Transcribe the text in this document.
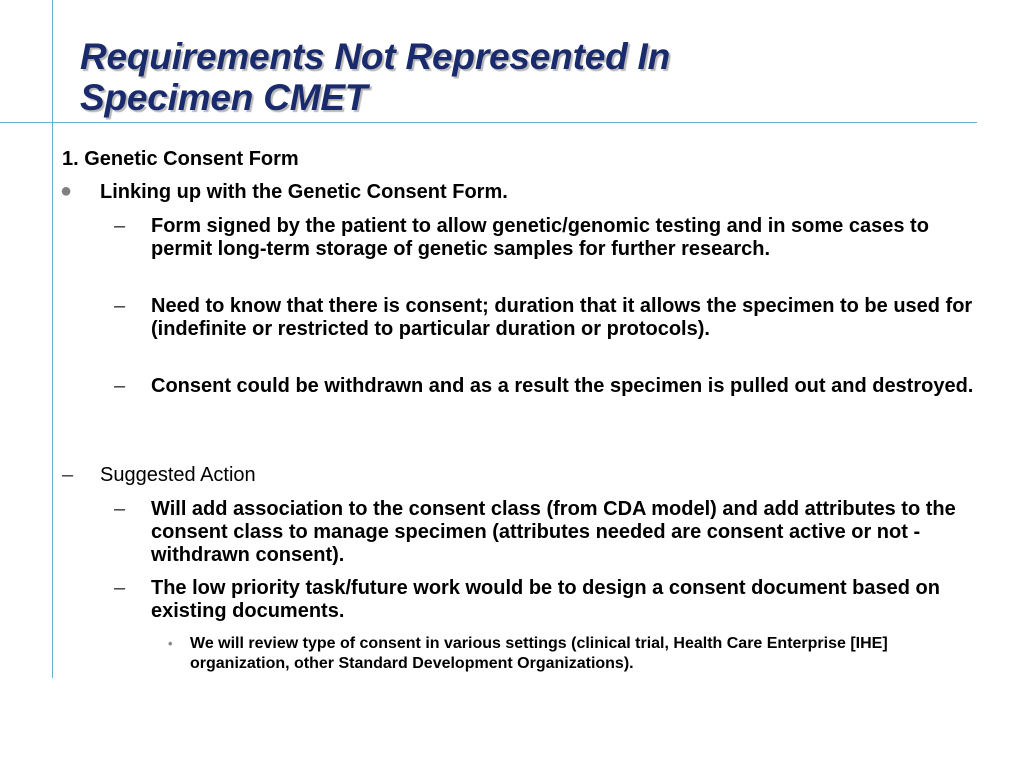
Requirements Not Represented In
Specimen CMET
1. Genetic Consent Form
● Linking up with the Genetic Consent Form.
– Form signed by the patient to allow genetic/genomic testing and in some cases to permit long-term storage of genetic samples for further research.
– Need to know that there is consent; duration that it allows the specimen to be used for (indefinite or restricted to particular duration or protocols).
– Consent could be withdrawn and as a result the specimen is pulled out and destroyed.
– Suggested Action
– Will add association to the consent class (from CDA model) and add attributes to the consent class to manage specimen (attributes needed are consent active or not -withdrawn consent).
– The low priority task/future work would be to design a consent document based on existing documents.
• We will review type of consent in various settings (clinical trial, Health Care Enterprise [IHE] organization, other Standard Development Organizations).
